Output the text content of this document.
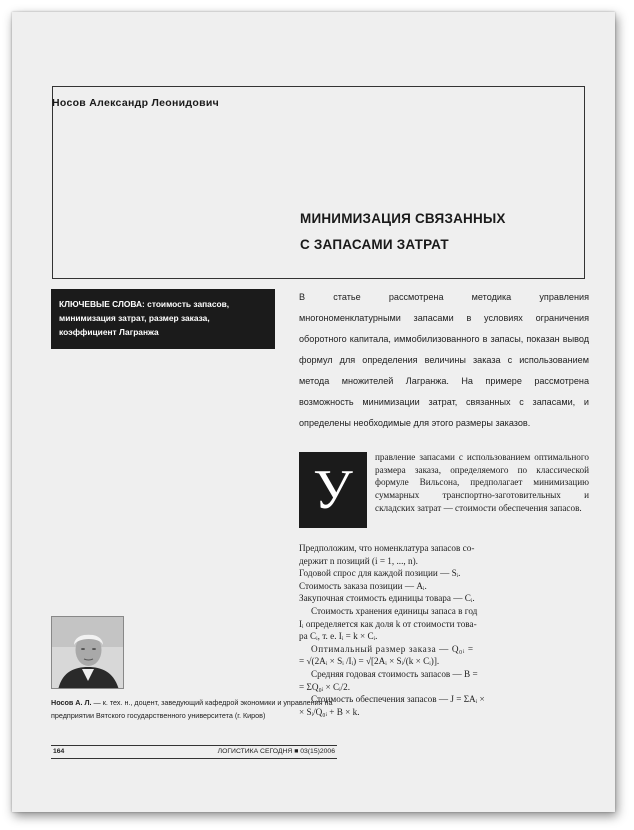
Носов Александр Леонидович
МИНИМИЗАЦИЯ СВЯЗАННЫХ
С ЗАПАСАМИ ЗАТРАТ
КЛЮЧЕВЫЕ СЛОВА: стоимость запасов,
минимизация затрат, размер заказа,
коэффициент Лагранжа
В статье рассмотрена методика управления многономенклатурными запасами в условиях ограничения оборотного капитала, иммобилизованного в запасы, показан вывод формул для определения величины заказа с использованием метода множителей Лагранжа. На примере рассмотрена возможность минимизации затрат, связанных с запасами, и определены необходимые для этого размеры заказов.
У
правление запасами с использованием оптимального размера заказа, определяемого по классической формуле Вильсона, предполагает минимизацию суммарных транспортно-заготовительных и складских затрат — стоимости обеспечения запасов.
Предположим, что номенклатура запасов со-
держит n позиций (i = 1, ..., n).
Годовой спрос для каждой позиции — Sᵢ.
Стоимость заказа позиции — Aᵢ.
Закупочная стоимость единицы товара — Cᵢ.
Стоимость хранения единицы запаса в год
Iᵢ определяется как доля k от стоимости това-
ра Cᵢ, т. е. Iᵢ = k × Cᵢ.
Оптимальный размер заказа — Q₀ᵢ =
= √(2Aᵢ × Sᵢ /Iᵢ) = √[2Aᵢ × Sᵢ/(k × Cᵢ)].
Средняя годовая стоимость запасов — В =
= ΣQ₀ᵢ × Cᵢ/2.
Стоимость обеспечения запасов — J = ΣAᵢ ×
× Sᵢ/Q₀ᵢ + B × k.
Носов А. Л. — к. тех. н., доцент, заведующий кафедрой экономики и управления на
предприятии Вятского государственного университета (г. Киров)
164	ЛОГИСТИКА СЕГОДНЯ ■ 03(15)2006
